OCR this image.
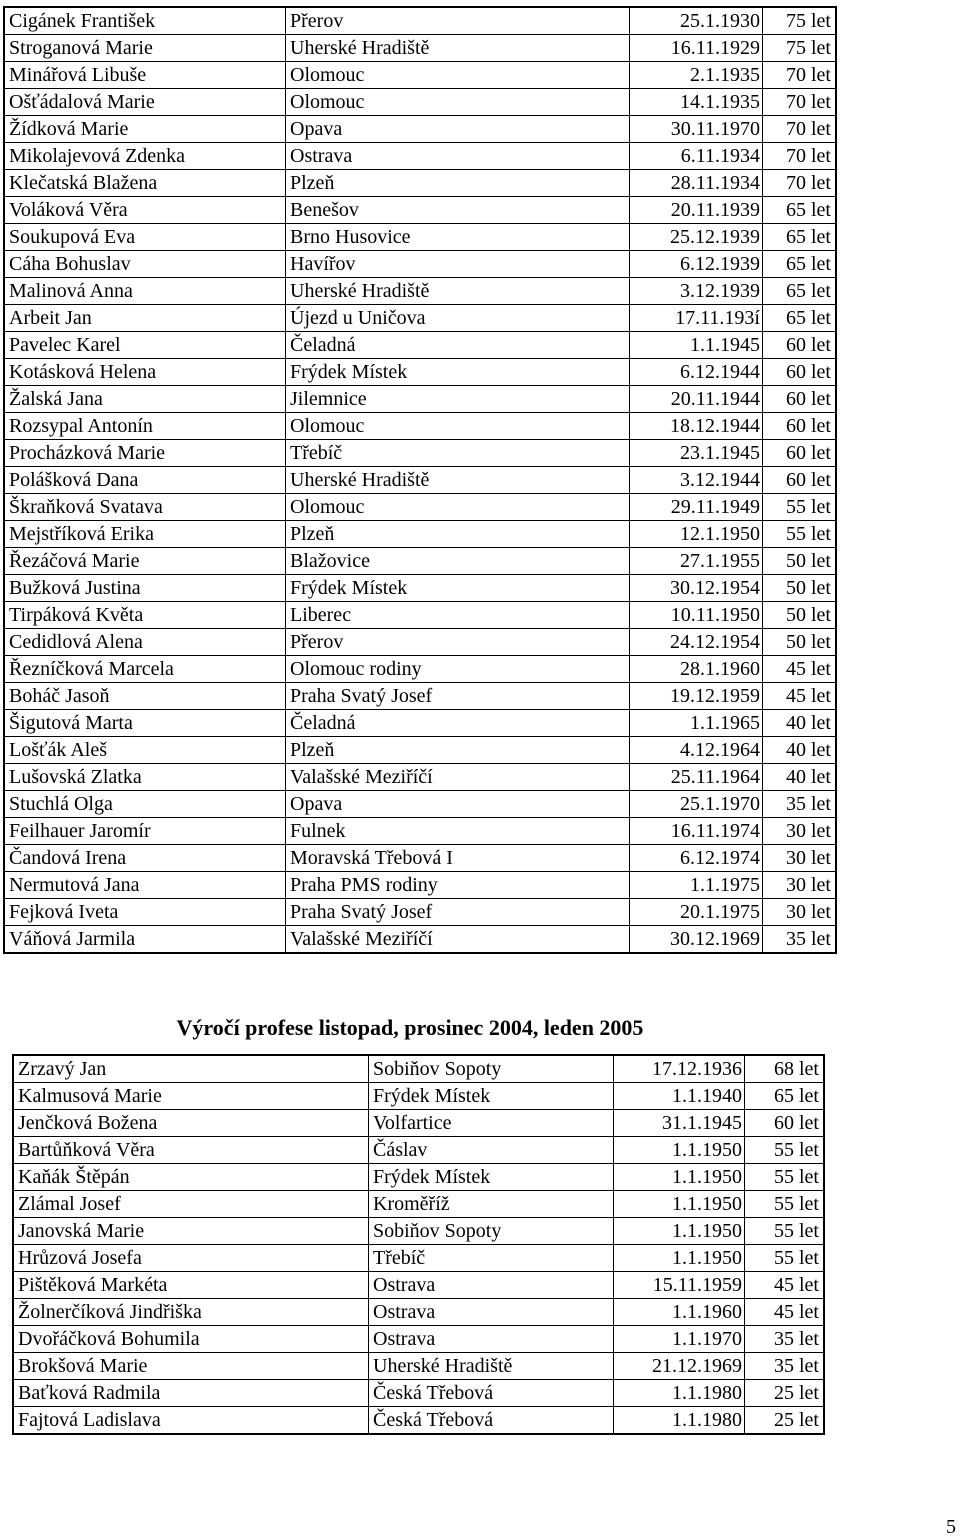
Cigánek František	Přerov	25.1.1930	75 let
Stroganová Marie	Uherské Hradiště	16.11.1929	75 let
Minářová Libuše	Olomouc	2.1.1935	70 let
Ošťádalová Marie	Olomouc	14.1.1935	70 let
Žídková Marie	Opava	30.11.1970	70 let
Mikolajevová Zdenka	Ostrava	6.11.1934	70 let
Klečatská Blažena	Plzeň	28.11.1934	70 let
Voláková Věra	Benešov	20.11.1939	65 let
Soukupová Eva	Brno Husovice	25.12.1939	65 let
Cáha Bohuslav	Havířov	6.12.1939	65 let
Malinová Anna	Uherské Hradiště	3.12.1939	65 let
Arbeit Jan	Újezd u Uničova	17.11.193í	65 let
Pavelec Karel	Čeladná	1.1.1945	60 let
Kotásková Helena	Frýdek Místek	6.12.1944	60 let
Žalská Jana	Jilemnice	20.11.1944	60 let
Rozsypal Antonín	Olomouc	18.12.1944	60 let
Procházková Marie	Třebíč	23.1.1945	60 let
Polášková Dana	Uherské Hradiště	3.12.1944	60 let
Škraňková Svatava	Olomouc	29.11.1949	55 let
Mejstříková Erika	Plzeň	12.1.1950	55 let
Řezáčová Marie	Blažovice	27.1.1955	50 let
Bužková Justina	Frýdek Místek	30.12.1954	50 let
Tirpáková Květa	Liberec	10.11.1950	50 let
Cedidlová Alena	Přerov	24.12.1954	50 let
Řezníčková Marcela	Olomouc rodiny	28.1.1960	45 let
Boháč Jasoň	Praha Svatý Josef	19.12.1959	45 let
Šigutová Marta	Čeladná	1.1.1965	40 let
Lošťák Aleš	Plzeň	4.12.1964	40 let
Lušovská Zlatka	Valašské Meziříčí	25.11.1964	40 let
Stuchlá Olga	Opava	25.1.1970	35 let
Feilhauer Jaromír	Fulnek	16.11.1974	30 let
Čandová Irena	Moravská Třebová I	6.12.1974	30 let
Nermutová Jana	Praha PMS rodiny	1.1.1975	30 let
Fejková Iveta	Praha Svatý Josef	20.1.1975	30 let
Váňová Jarmila	Valašské Meziříčí	30.12.1969	35 let
Výročí profese listopad, prosinec 2004, leden 2005
Zrzavý Jan	Sobiňov Sopoty	17.12.1936	68 let
Kalmusová Marie	Frýdek Místek	1.1.1940	65 let
Jenčková Božena	Volfartice	31.1.1945	60 let
Bartůňková Věra	Čáslav	1.1.1950	55 let
Kaňák Štěpán	Frýdek Místek	1.1.1950	55 let
Zlámal Josef	Kroměříž	1.1.1950	55 let
Janovská Marie	Sobiňov Sopoty	1.1.1950	55 let
Hrůzová Josefa	Třebíč	1.1.1950	55 let
Pištěková Markéta	Ostrava	15.11.1959	45 let
Žolnerčíková Jindřiška	Ostrava	1.1.1960	45 let
Dvořáčková Bohumila	Ostrava	1.1.1970	35 let
Brokšová Marie	Uherské Hradiště	21.12.1969	35 let
Baťková Radmila	Česká Třebová	1.1.1980	25 let
Fajtová Ladislava	Česká Třebová	1.1.1980	25 let
5
